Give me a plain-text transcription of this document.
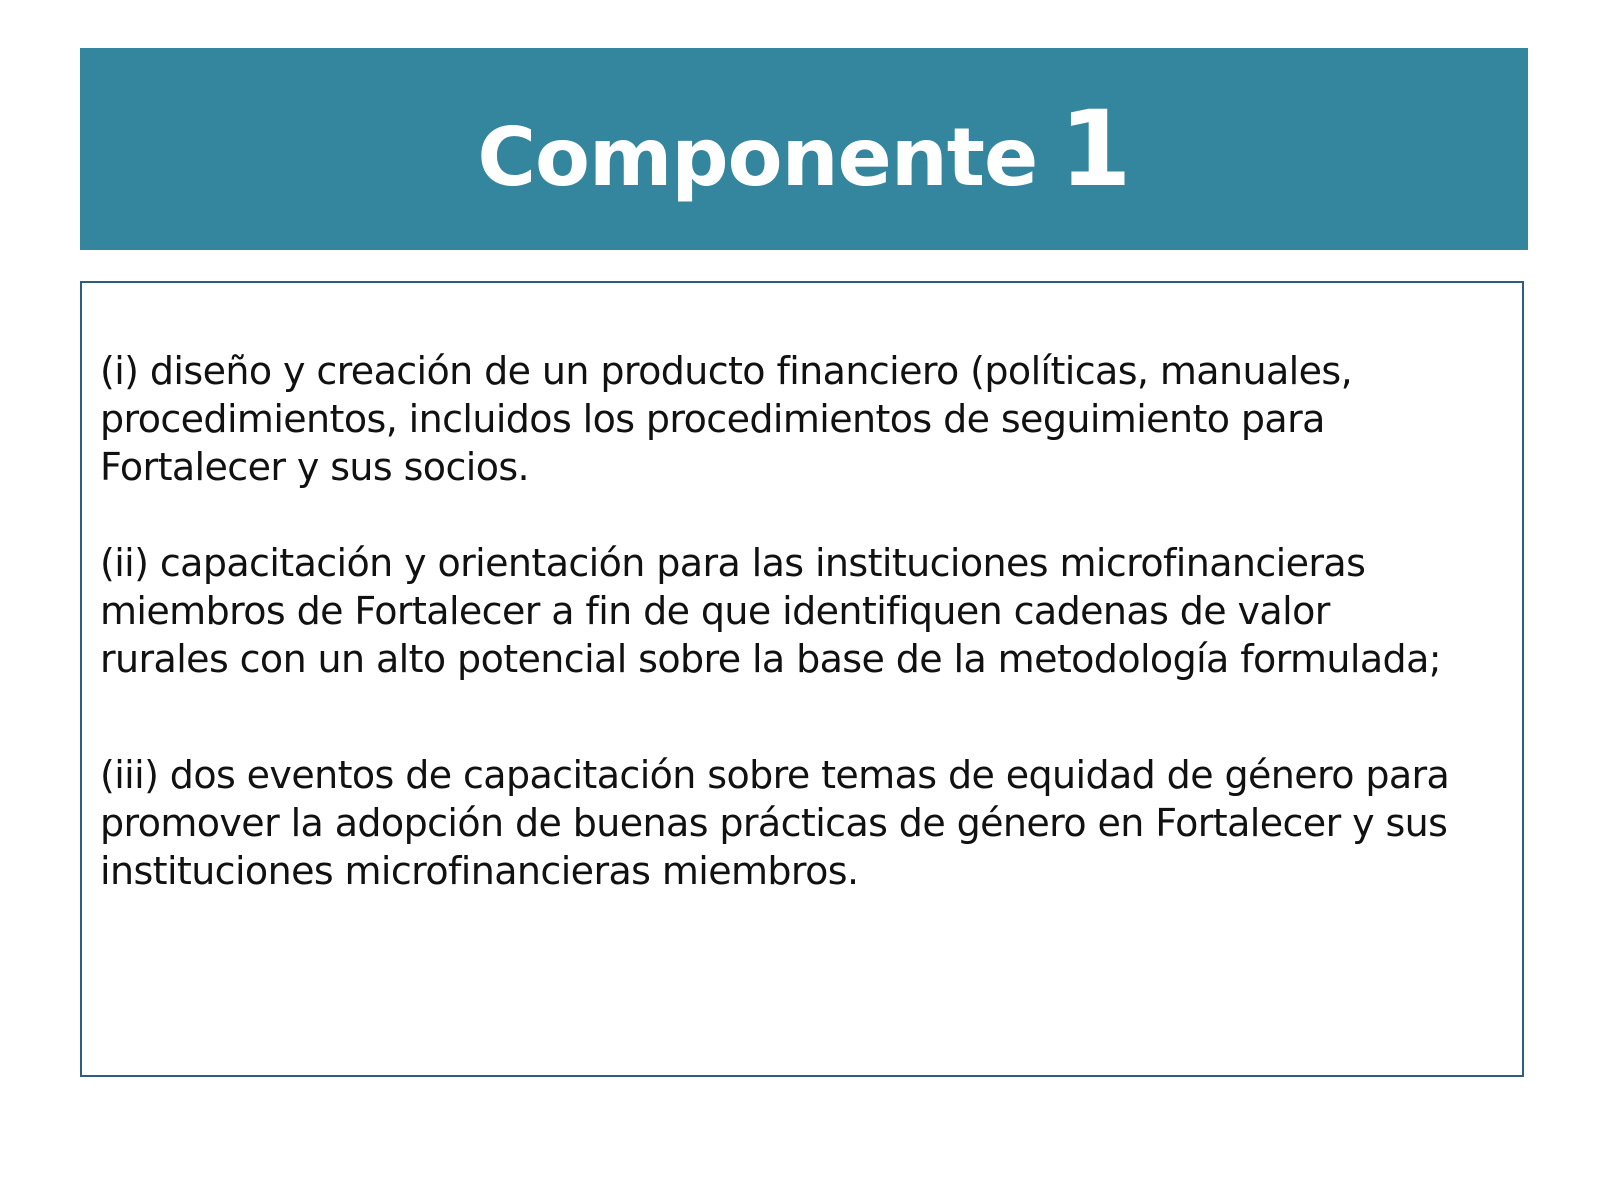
Componente 1

(i) diseño y creación de un producto financiero (políticas, manuales, procedimientos, incluidos los procedimientos de seguimiento para Fortalecer y sus socios.

(ii) capacitación y orientación para las instituciones microfinancieras miembros de Fortalecer a fin de que identifiquen cadenas de valor rurales con un alto potencial sobre la base de la metodología formulada;

(iii) dos eventos de capacitación sobre temas de equidad de género para promover la adopción de buenas prácticas de género en Fortalecer y sus instituciones microfinancieras miembros.
